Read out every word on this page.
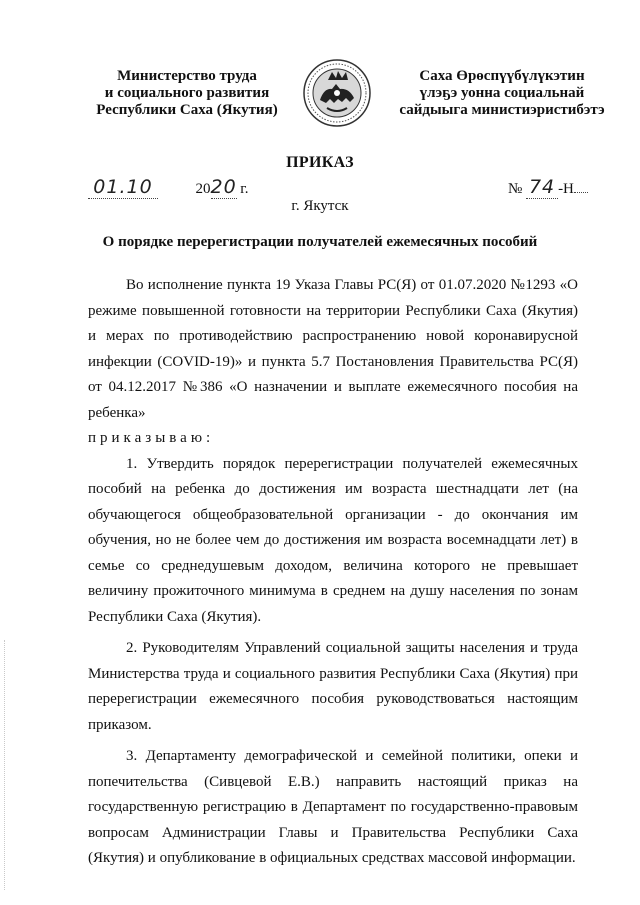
Министерство труда
и социального развития
Республики Саха (Якутия)
Саха Өрөспүүбүлүкэтин
үлэҕэ уонна социальнай
сайдыыга министиэристибэтэ
ПРИКАЗ
01.10	2020 г.	№ 74 -Н
г. Якутск
О порядке перерегистрации получателей ежемесячных пособий

Во исполнение пункта 19 Указа Главы РС(Я) от 01.07.2020 №1293 «О режиме повышенной готовности на территории Республики Саха (Якутия) и мерах по противодействию распространению новой коронавирусной инфекции (COVID-19)» и пункта 5.7 Постановления Правительства РС(Я) от 04.12.2017 №386 «О назначении и выплате ежемесячного пособия на ребенка»

приказываю:

1. Утвердить порядок перерегистрации получателей ежемесячных пособий на ребенка до достижения им возраста шестнадцати лет (на обучающегося общеобразовательной организации - до окончания им обучения, но не более чем до достижения им возраста восемнадцати лет) в семье со среднедушевым доходом, величина которого не превышает величину прожиточного минимума в среднем на душу населения по зонам Республики Саха (Якутия).

2. Руководителям Управлений социальной защиты населения и труда Министерства труда и социального развития Республики Саха (Якутия) при перерегистрации ежемесячного пособия руководствоваться настоящим приказом.

3. Департаменту демографической и семейной политики, опеки и попечительства (Сивцевой Е.В.) направить настоящий приказ на государственную регистрацию в Департамент по государственно-правовым вопросам Администрации Главы и Правительства Республики Саха (Якутия) и опубликование в официальных средствах массовой информации.
